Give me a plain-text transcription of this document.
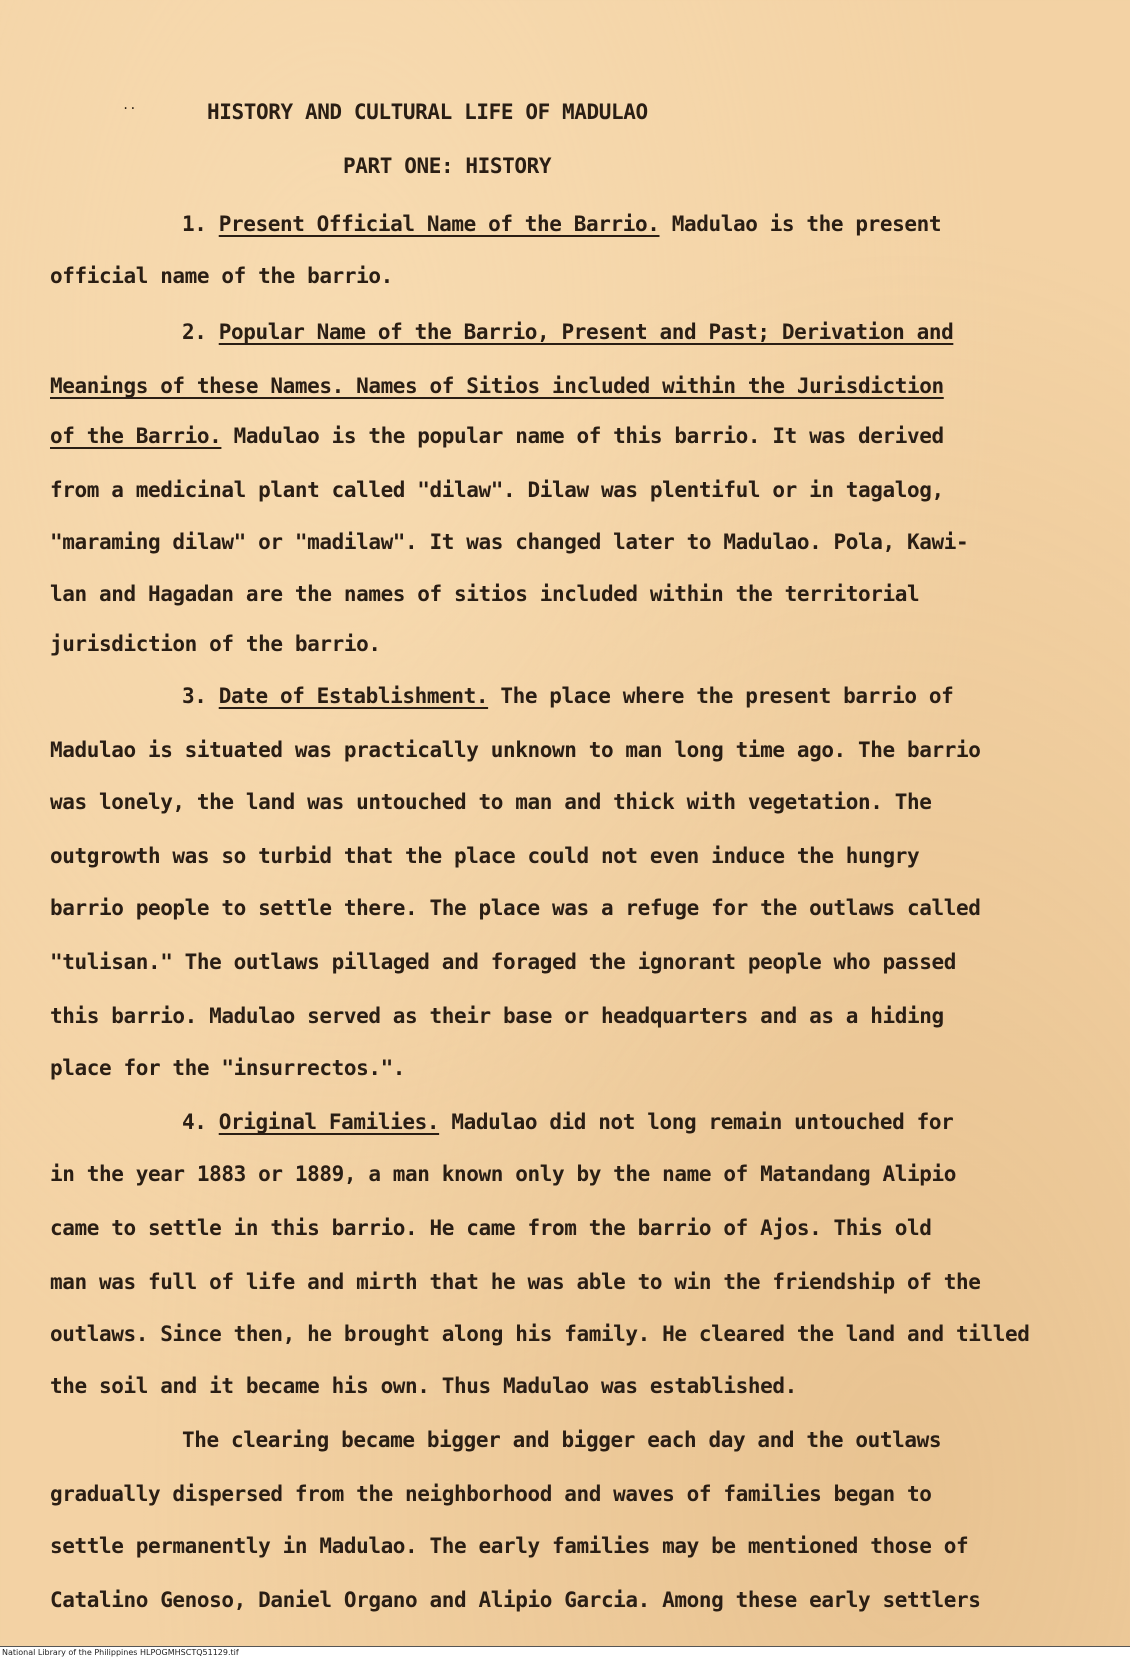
..	HISTORY AND CULTURAL LIFE OF MADULAO
PART ONE: HISTORY
1. Present Official Name of the Barrio. Madulao is the present
official name of the barrio.
2. Popular Name of the Barrio, Present and Past; Derivation and
Meanings of these Names. Names of Sitios included within the Jurisdiction
of the Barrio. Madulao is the popular name of this barrio. It was derived
from a medicinal plant called "dilaw". Dilaw was plentiful or in tagalog,
"maraming dilaw" or "madilaw". It was changed later to Madulao. Pola, Kawi-
lan and Hagadan are the names of sitios included within the territorial
jurisdiction of the barrio.
3. Date of Establishment. The place where the present barrio of
Madulao is situated was practically unknown to man long time ago. The barrio
was lonely, the land was untouched to man and thick with vegetation. The
outgrowth was so turbid that the place could not even induce the hungry
barrio people to settle there. The place was a refuge for the outlaws called
"tulisan." The outlaws pillaged and foraged the ignorant people who passed
this barrio. Madulao served as their base or headquarters and as a hiding
place for the "insurrectos.".
4. Original Families. Madulao did not long remain untouched for
in the year 1883 or 1889, a man known only by the name of Matandang Alipio
came to settle in this barrio. He came from the barrio of Ajos. This old
man was full of life and mirth that he was able to win the friendship of the
outlaws. Since then, he brought along his family. He cleared the land and tilled
the soil and it became his own. Thus Madulao was established.
The clearing became bigger and bigger each day and the outlaws
gradually dispersed from the neighborhood and waves of families began to
settle permanently in Madulao. The early families may be mentioned those of
Catalino Genoso, Daniel Organo and Alipio Garcia. Among these early settlers
National Library of the Philippines HLPOGMHSCTQ51129.tif
